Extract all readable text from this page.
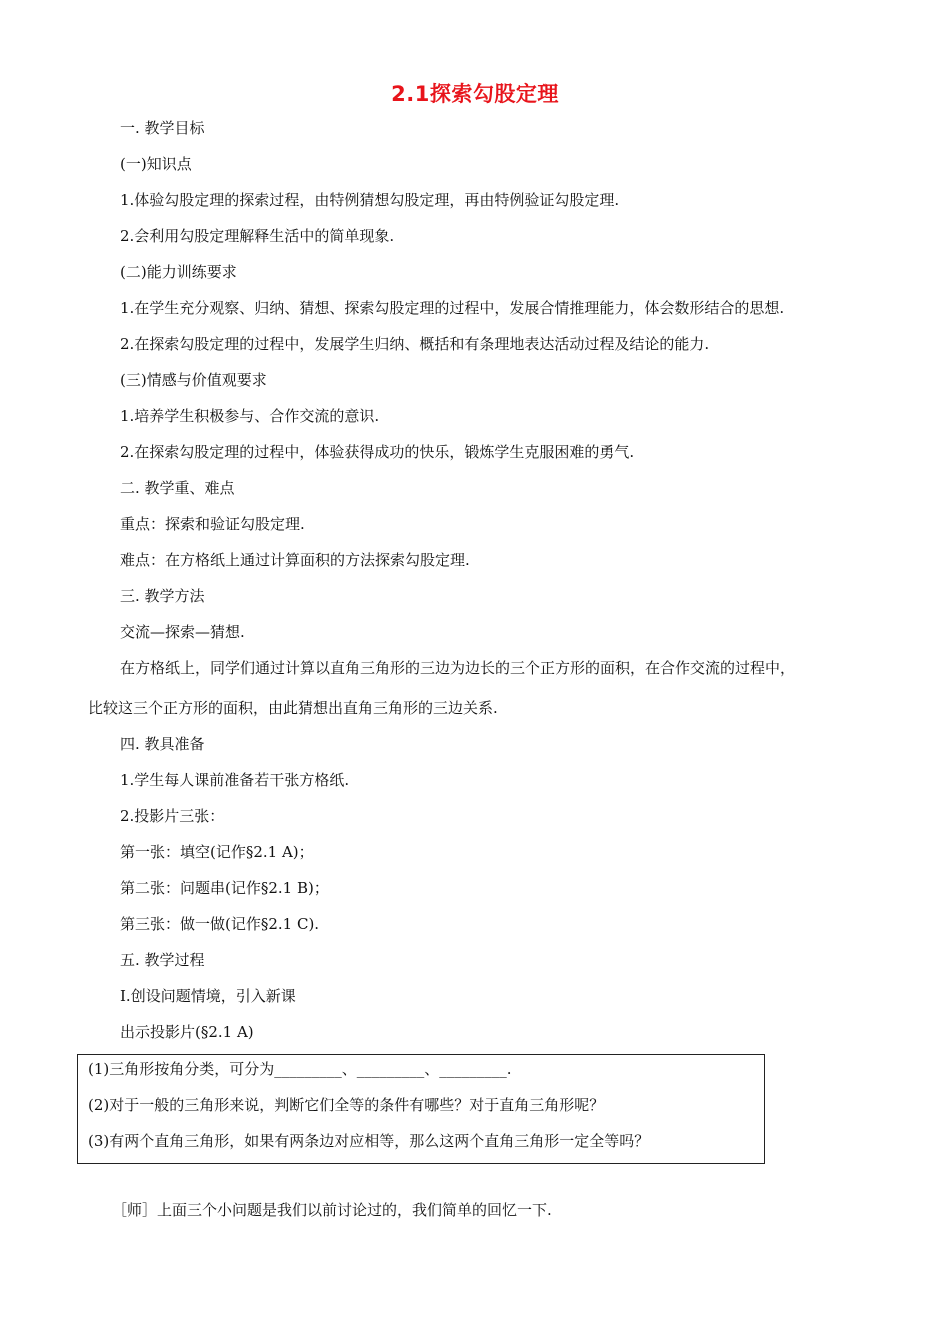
2.1探索勾股定理
一. 教学目标
(一)知识点
1.体验勾股定理的探索过程，由特例猜想勾股定理，再由特例验证勾股定理.
2.会利用勾股定理解释生活中的简单现象.
(二)能力训练要求
1.在学生充分观察、归纳、猜想、探索勾股定理的过程中，发展合情推理能力，体会数形结合的思想.
2.在探索勾股定理的过程中，发展学生归纳、概括和有条理地表达活动过程及结论的能力.
(三)情感与价值观要求
1.培养学生积极参与、合作交流的意识.
2.在探索勾股定理的过程中，体验获得成功的快乐，锻炼学生克服困难的勇气.
二. 教学重、难点
重点：探索和验证勾股定理.
难点：在方格纸上通过计算面积的方法探索勾股定理.
三. 教学方法
交流—探索—猜想.
在方格纸上，同学们通过计算以直角三角形的三边为边长的三个正方形的面积，在合作交流的过程中，
比较这三个正方形的面积，由此猜想出直角三角形的三边关系.
四. 教具准备
1.学生每人课前准备若干张方格纸.
2.投影片三张：
第一张：填空(记作§2.1 A)；
第二张：问题串(记作§2.1 B)；
第三张：做一做(记作§2.1 C).
五. 教学过程
Ⅰ.创设问题情境，引入新课
出示投影片(§2.1 A)
(1)三角形按角分类，可分为_________、_________、_________.
(2)对于一般的三角形来说，判断它们全等的条件有哪些？对于直角三角形呢？
(3)有两个直角三角形，如果有两条边对应相等，那么这两个直角三角形一定全等吗？
［师］上面三个小问题是我们以前讨论过的，我们简单的回忆一下.
